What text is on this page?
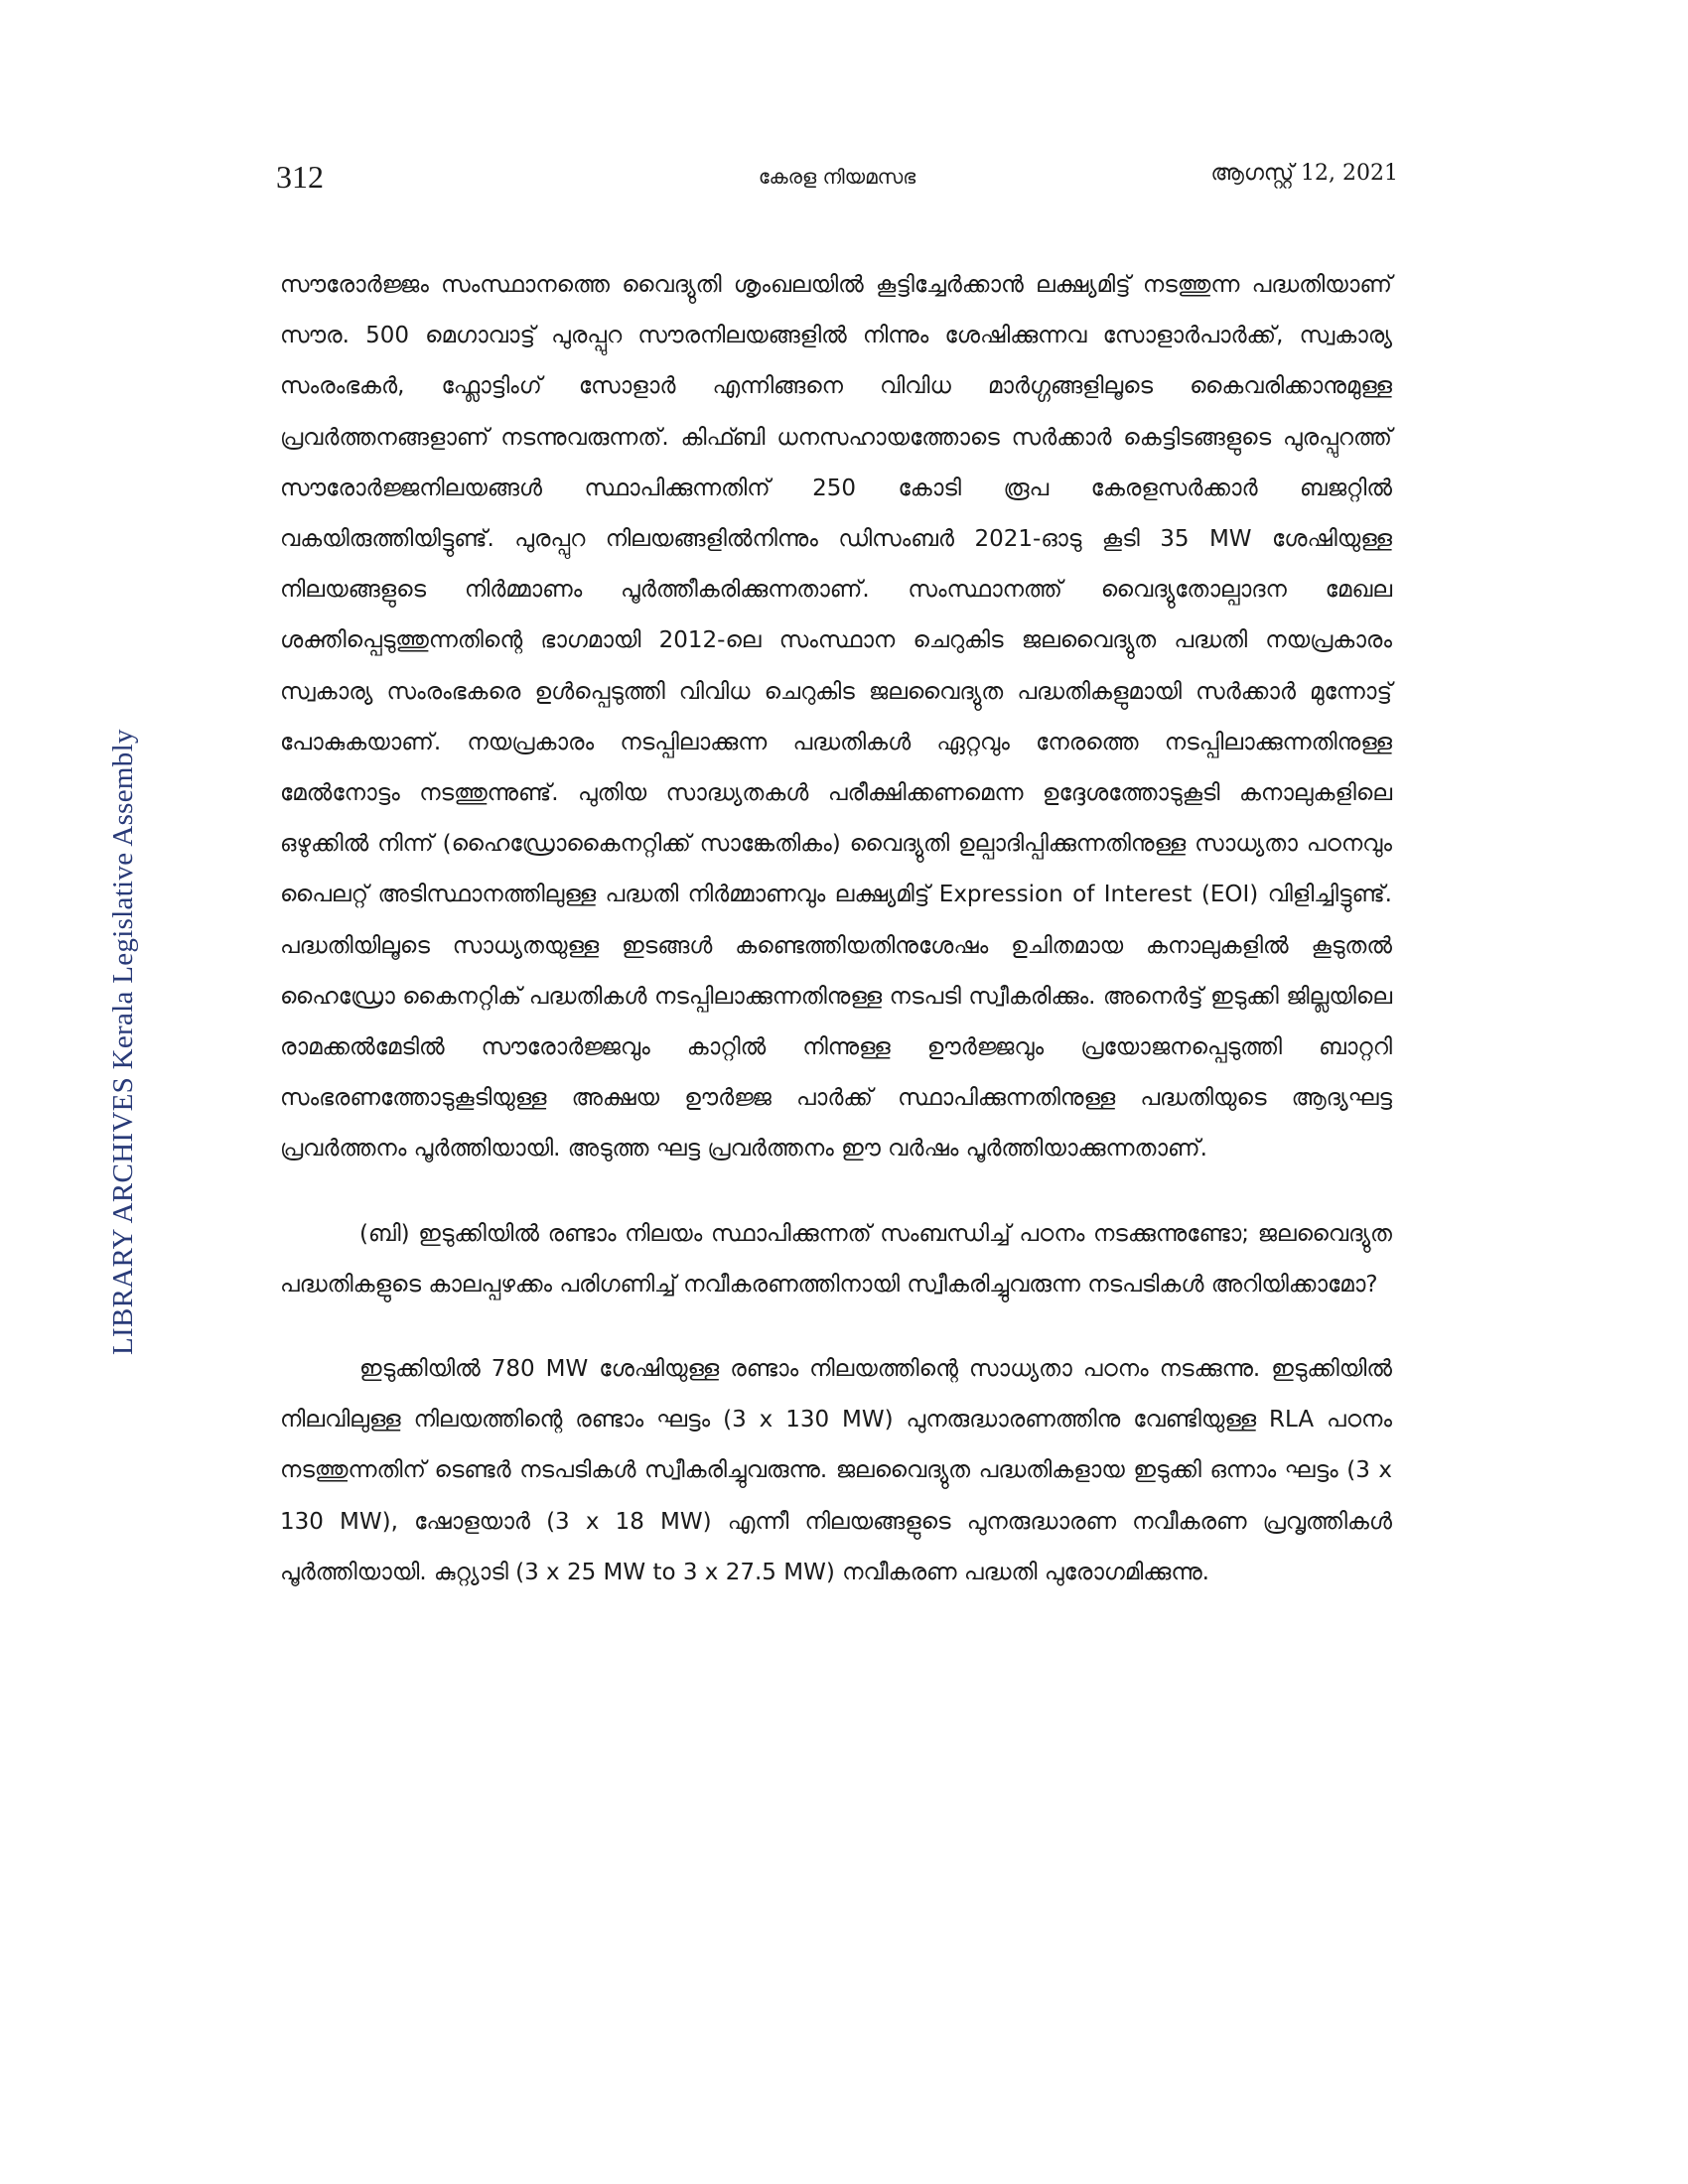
312	കേരള നിയമസഭ	ആഗസ്റ്റ് 12, 2021
LIBRARY ARCHIVES Kerala Legislative Assembly

സൗരോർജ്ജം സംസ്ഥാനത്തെ വൈദ്യുതി ശൃംഖലയിൽ കൂട്ടിച്ചേർക്കാൻ ലക്ഷ്യമിട്ട് നടത്തുന്ന പദ്ധതിയാണ് സൗര. 500 മെഗാവാട്ട് പുരപ്പുറ സൗരനിലയങ്ങളിൽ നിന്നും ശേഷിക്കുന്നവ സോളാർപാർക്ക്, സ്വകാര്യ സംരംഭകർ, ഫ്ലോട്ടിംഗ് സോളാർ എന്നിങ്ങനെ വിവിധ മാർഗ്ഗങ്ങളിലൂടെ കൈവരിക്കാനുമുള്ള പ്രവർത്തനങ്ങളാണ് നടന്നുവരുന്നത്. കിഫ്ബി ധനസഹായത്തോടെ സർക്കാർ കെട്ടിടങ്ങളുടെ പുരപ്പുറത്ത് സൗരോർജ്ജനിലയങ്ങൾ സ്ഥാപിക്കുന്നതിന് 250 കോടി രൂപ കേരളസർക്കാർ ബജറ്റിൽ വകയിരുത്തിയിട്ടുണ്ട്. പുരപ്പുറ നിലയങ്ങളിൽനിന്നും ഡിസംബർ 2021-ഓടു കൂടി 35 MW ശേഷിയുള്ള നിലയങ്ങളുടെ നിർമ്മാണം പൂർത്തീകരിക്കുന്നതാണ്. സംസ്ഥാനത്ത് വൈദ്യുതോല്പാദന മേഖല ശക്തിപ്പെടുത്തുന്നതിന്റെ ഭാഗമായി 2012-ലെ സംസ്ഥാന ചെറുകിട ജലവൈദ്യുത പദ്ധതി നയപ്രകാരം സ്വകാര്യ സംരംഭകരെ ഉൾപ്പെടുത്തി വിവിധ ചെറുകിട ജലവൈദ്യുത പദ്ധതികളുമായി സർക്കാർ മുന്നോട്ട് പോകുകയാണ്. നയപ്രകാരം നടപ്പിലാക്കുന്ന പദ്ധതികൾ ഏറ്റവും നേരത്തെ നടപ്പിലാക്കുന്നതിനുള്ള മേൽനോട്ടം നടത്തുന്നുണ്ട്. പുതിയ സാദ്ധ്യതകൾ പരീക്ഷിക്കണമെന്ന ഉദ്ദേശത്തോടുകൂടി കനാലുകളിലെ ഒഴുക്കിൽ നിന്ന് (ഹൈഡ്രോകൈനറ്റിക്ക് സാങ്കേതികം) വൈദ്യുതി ഉല്പാദിപ്പിക്കുന്നതിനുള്ള സാധ്യതാ പഠനവും പൈലറ്റ് അടിസ്ഥാനത്തിലുള്ള പദ്ധതി നിർമ്മാണവും ലക്ഷ്യമിട്ട് Expression of Interest (EOI) വിളിച്ചിട്ടുണ്ട്. പദ്ധതിയിലൂടെ സാധ്യതയുള്ള ഇടങ്ങൾ കണ്ടെത്തിയതിനുശേഷം ഉചിതമായ കനാലുകളിൽ കൂടുതൽ ഹൈഡ്രോ കൈനറ്റിക് പദ്ധതികൾ നടപ്പിലാക്കുന്നതിനുള്ള നടപടി സ്വീകരിക്കും. അനെർട്ട് ഇടുക്കി ജില്ലയിലെ രാമക്കൽമേടിൽ സൗരോർജ്ജവും കാറ്റിൽ നിന്നുള്ള ഊർജ്ജവും പ്രയോജനപ്പെടുത്തി ബാറ്ററി സംഭരണത്തോടുകൂടിയുള്ള അക്ഷയ ഊർജ്ജ പാർക്ക് സ്ഥാപിക്കുന്നതിനുള്ള പദ്ധതിയുടെ ആദ്യഘട്ട പ്രവർത്തനം പൂർത്തിയായി. അടുത്ത ഘട്ട പ്രവർത്തനം ഈ വർഷം പൂർത്തിയാക്കുന്നതാണ്.

(ബി) ഇടുക്കിയിൽ രണ്ടാം നിലയം സ്ഥാപിക്കുന്നത് സംബന്ധിച്ച് പഠനം നടക്കുന്നുണ്ടോ; ജലവൈദ്യുത പദ്ധതികളുടെ കാലപ്പഴക്കം പരിഗണിച്ച് നവീകരണത്തിനായി സ്വീകരിച്ചുവരുന്ന നടപടികൾ അറിയിക്കാമോ?

ഇടുക്കിയിൽ 780 MW ശേഷിയുള്ള രണ്ടാം നിലയത്തിന്റെ സാധ്യതാ പഠനം നടക്കുന്നു. ഇടുക്കിയിൽ നിലവിലുള്ള നിലയത്തിന്റെ രണ്ടാം ഘട്ടം (3 x 130 MW) പുനരുദ്ധാരണത്തിനു വേണ്ടിയുള്ള RLA പഠനം നടത്തുന്നതിന് ടെണ്ടർ നടപടികൾ സ്വീകരിച്ചുവരുന്നു. ജലവൈദ്യുത പദ്ധതികളായ ഇടുക്കി ഒന്നാം ഘട്ടം (3 x 130 MW), ഷോളയാർ (3 x 18 MW) എന്നീ നിലയങ്ങളുടെ പുനരുദ്ധാരണ നവീകരണ പ്രവൃത്തികൾ പൂർത്തിയായി. കുറ്റ്യാടി (3 x 25 MW to 3 x 27.5 MW) നവീകരണ പദ്ധതി പുരോഗമിക്കുന്നു.
